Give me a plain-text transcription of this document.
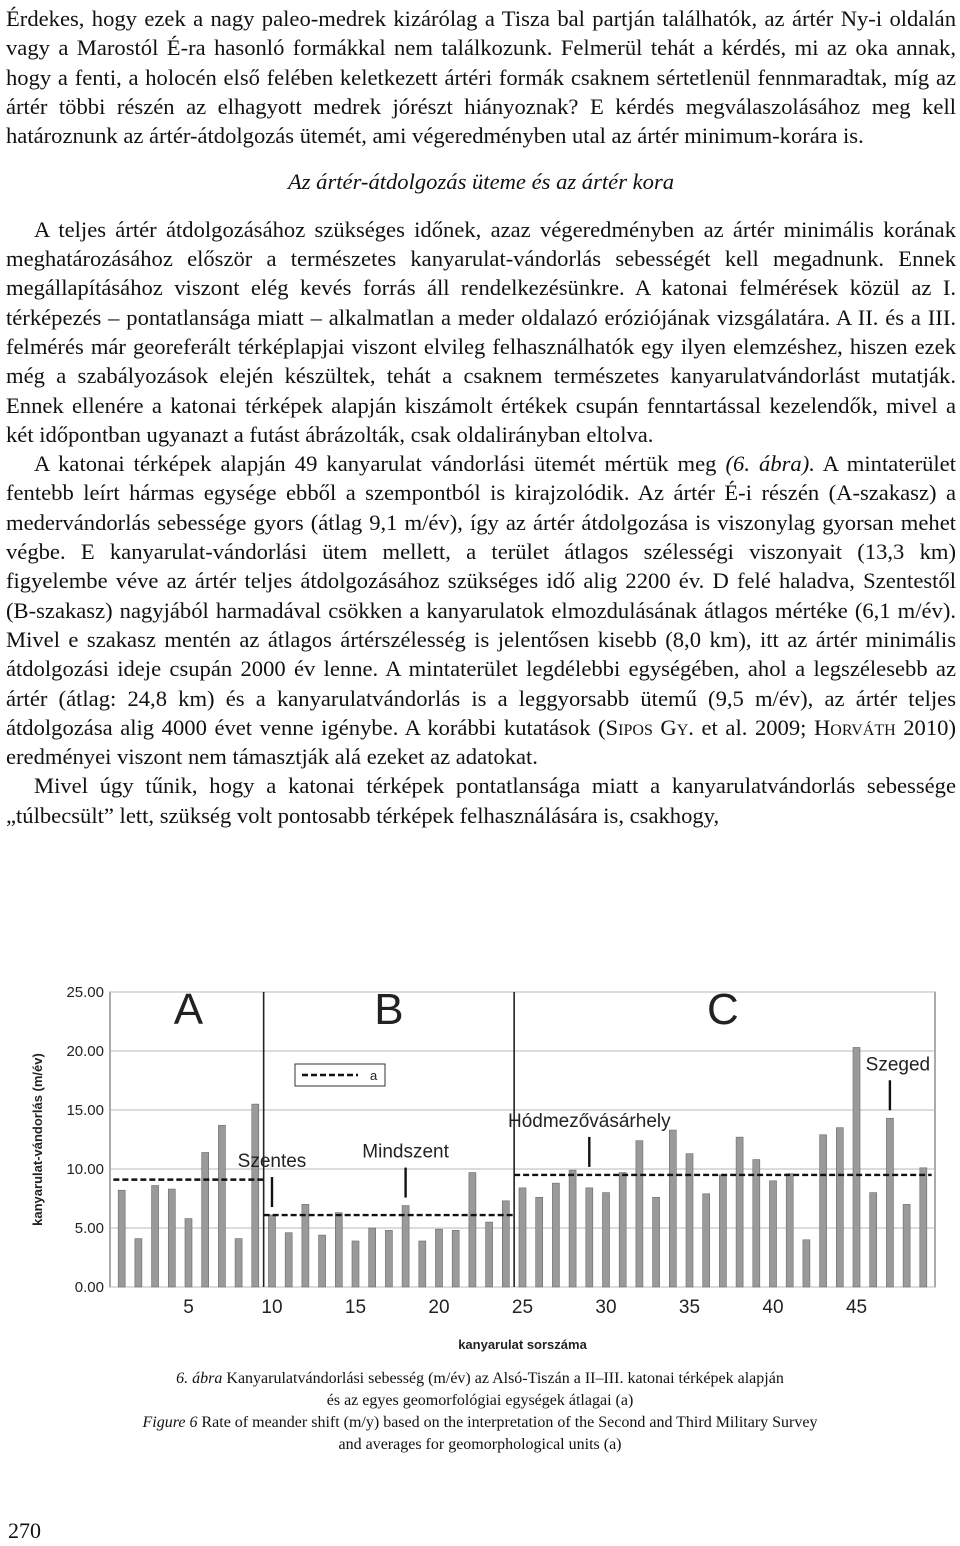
Érdekes, hogy ezek a nagy paleo-medrek kizárólag a Tisza bal partján találhatók, az ártér Ny-i oldalán vagy a Marostól É-ra hasonló formákkal nem találkozunk. Felmerül tehát a kérdés, mi az oka annak, hogy a fenti, a holocén első felében keletkezett ártéri formák csaknem sértetlenül fennmaradtak, míg az ártér többi részén az elhagyott medrek jórészt hiányoznak? E kérdés megválaszolásához meg kell határoznunk az ártér-átdolgozás ütemét, ami végeredményben utal az ártér minimum-korára is.

Az ártér-átdolgozás üteme és az ártér kora

A teljes ártér átdolgozásához szükséges időnek, azaz végeredményben az ártér minimális korának meghatározásához először a természetes kanyarulat-vándorlás sebességét kell megadnunk. Ennek megállapításához viszont elég kevés forrás áll rendelkezésünkre. A katonai felmérések közül az I. térképezés – pontatlansága miatt – alkalmatlan a meder oldalazó eróziójának vizsgálatára. A II. és a III. felmérés már georeferált térképlapjai viszont elvileg felhasználhatók egy ilyen elemzéshez, hiszen ezek még a szabályozások elején készültek, tehát a csaknem természetes kanyarulatvándorlást mutatják. Ennek ellenére a katonai térképek alapján kiszámolt értékek csupán fenntartással kezelendők, mivel a két időpontban ugyanazt a futást ábrázolták, csak oldalirányban eltolva.

A katonai térképek alapján 49 kanyarulat vándorlási ütemét mértük meg (6. ábra). A mintaterület fentebb leírt hármas egysége ebből a szempontból is kirajzolódik. Az ártér É-i részén (A-szakasz) a medervándorlás sebessége gyors (átlag 9,1 m/év), így az ártér átdolgozása is viszonylag gyorsan mehet végbe. E kanyarulat-vándorlási ütem mellett, a terület átlagos szélességi viszonyait (13,3 km) figyelembe véve az ártér teljes átdolgozásához szükséges idő alig 2200 év. D felé haladva, Szentestől (B-szakasz) nagyjából harmadával csökken a kanyarulatok elmozdulásának átlagos mértéke (6,1 m/év). Mivel e szakasz mentén az átlagos ártérszélesség is jelentősen kisebb (8,0 km), itt az ártér minimális átdolgozási ideje csupán 2000 év lenne. A mintaterület legdélebbi egységében, ahol a legszélesebb az ártér (átlag: 24,8 km) és a kanyarulatvándorlás is a leggyorsabb ütemű (9,5 m/év), az ártér teljes átdolgozása alig 4000 évet venne igénybe. A korábbi kutatások (Sipos Gy. et al. 2009; Horváth 2010) eredményei viszont nem támasztják alá ezeket az adatokat.

Mivel úgy tűnik, hogy a katonai térképek pontatlansága miatt a kanyarulatvándorlás sebessége „túlbecsült” lett, szükség volt pontosabb térképek felhasználására is, csakhogy,

0.00
5.00
10.00
15.00
20.00
25.00
5	10	15	20	25	30	35	40	45
kanyarulat sorszáma
kanyarulat-vándorlás (m/év)
A	B	C
Szentes	Mindszent
Hódmezővásárhely
Szeged
a
6. ábra Kanyarulatvándorlási sebesség (m/év) az Alsó-Tiszán a II–III. katonai térképek alapján
és az egyes geomorfológiai egységek átlagai (a)
Figure 6 Rate of meander shift (m/y) based on the interpretation of the Second and Third Military Survey
and averages for geomorphological units (a)
270
